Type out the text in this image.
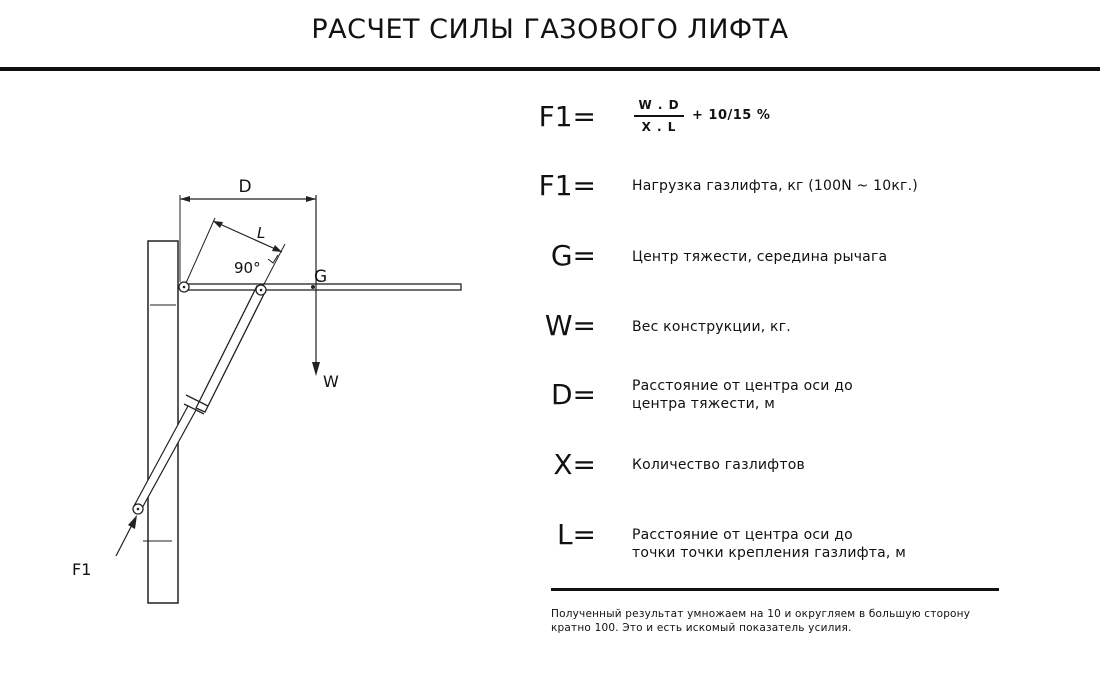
РАСЧЕТ СИЛЫ ГАЗОВОГО ЛИФТА
D
W
G
L
90°
F1
F1=	$\frac{W . D}{X . L} + 10/15$ %
F1=	Нагрузка газлифта, кг (100N ~ 10кг.)
G=	Центр тяжести, середина рычага
W=	Вес конструкции, кг.
D=	Расстояние от центра оси до
центра тяжести, м
X=	Количество газлифтов
L=	Расстояние от центра оси до
точки точки крепления газлифта, м
Полученный результат умножаем на 10 и округляем в большую сторону
кратно 100. Это и есть искомый показатель усилия.
